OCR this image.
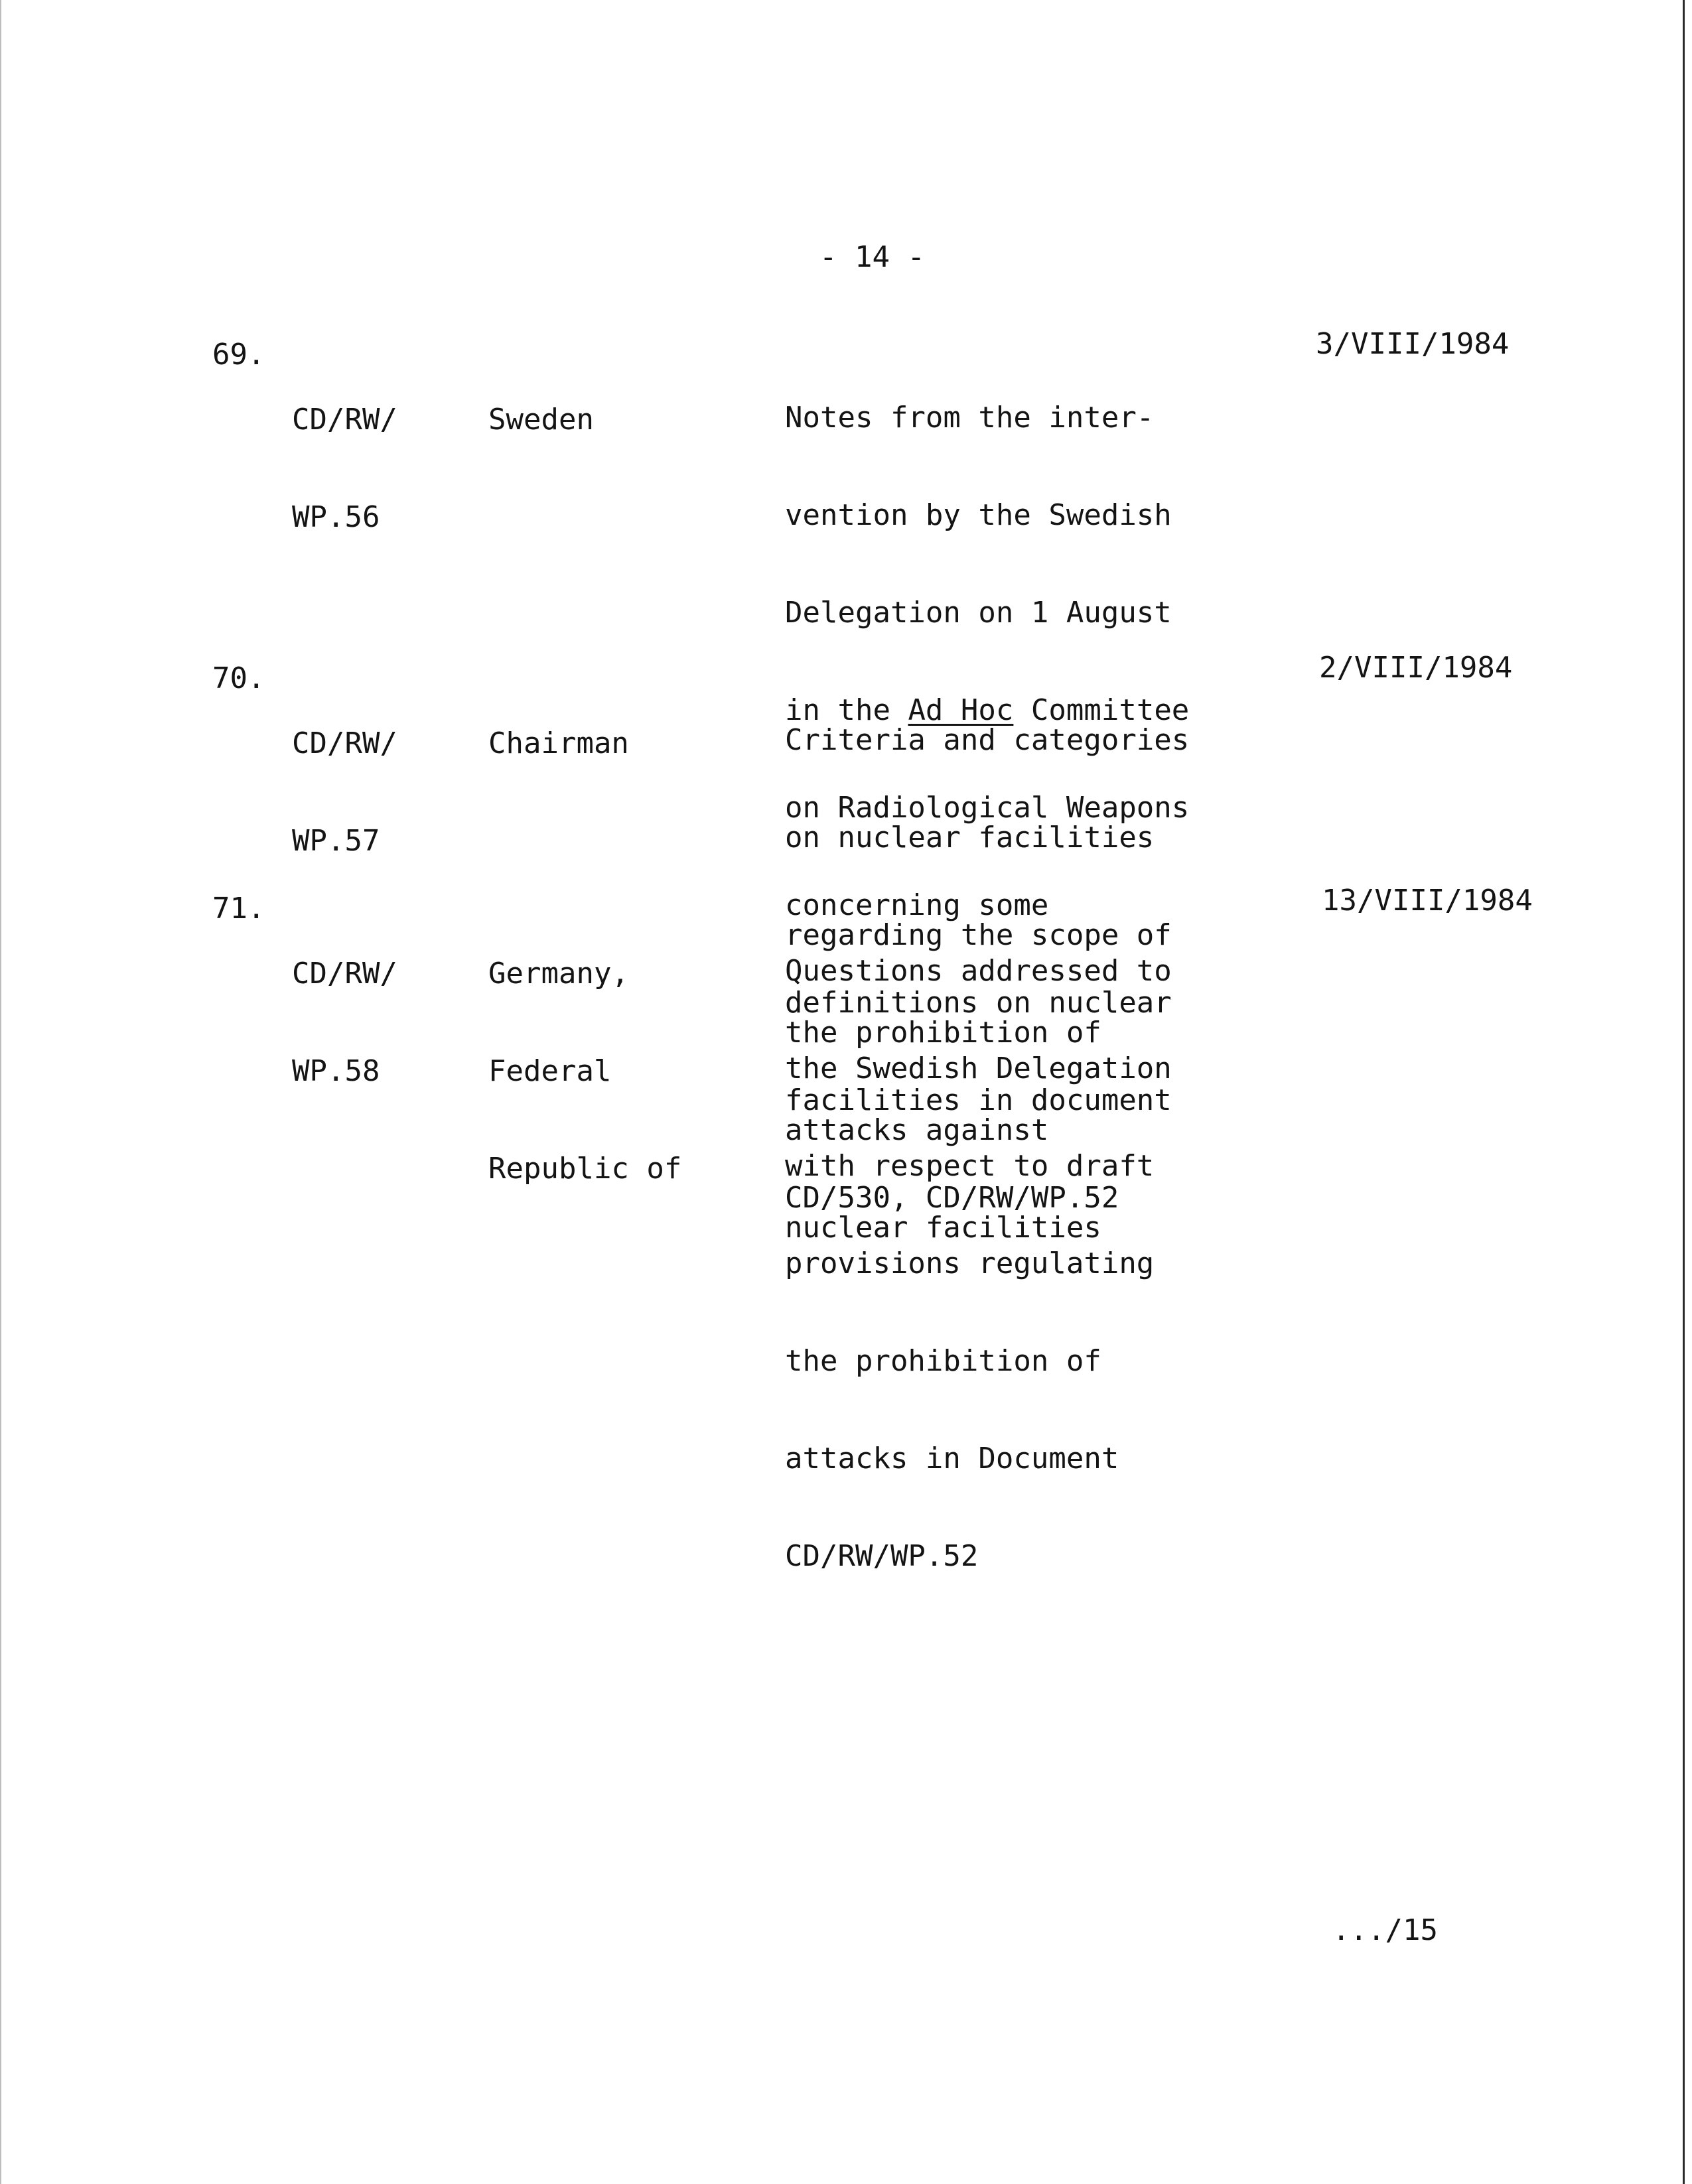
- 14 -
69.

CD/RW/

WP.56

Sweden

	Notes from the inter-

vention by the Swedish

Delegation on 1 August

in the Ad Hoc Committee

on Radiological Weapons

concerning some

definitions on nuclear

facilities in document

CD/530, CD/RW/WP.52

3/VIII/1984
70.

CD/RW/

WP.57

Chairman

	Criteria and categories

on nuclear facilities

regarding the scope of

the prohibition of

attacks against

nuclear facilities

2/VIII/1984
71.

CD/RW/

WP.58

Germany,

Federal

Republic of

Questions addressed to

the Swedish Delegation

with respect to draft

provisions regulating

the prohibition of

attacks in Document

CD/RW/WP.52

13/VIII/1984
.../15
